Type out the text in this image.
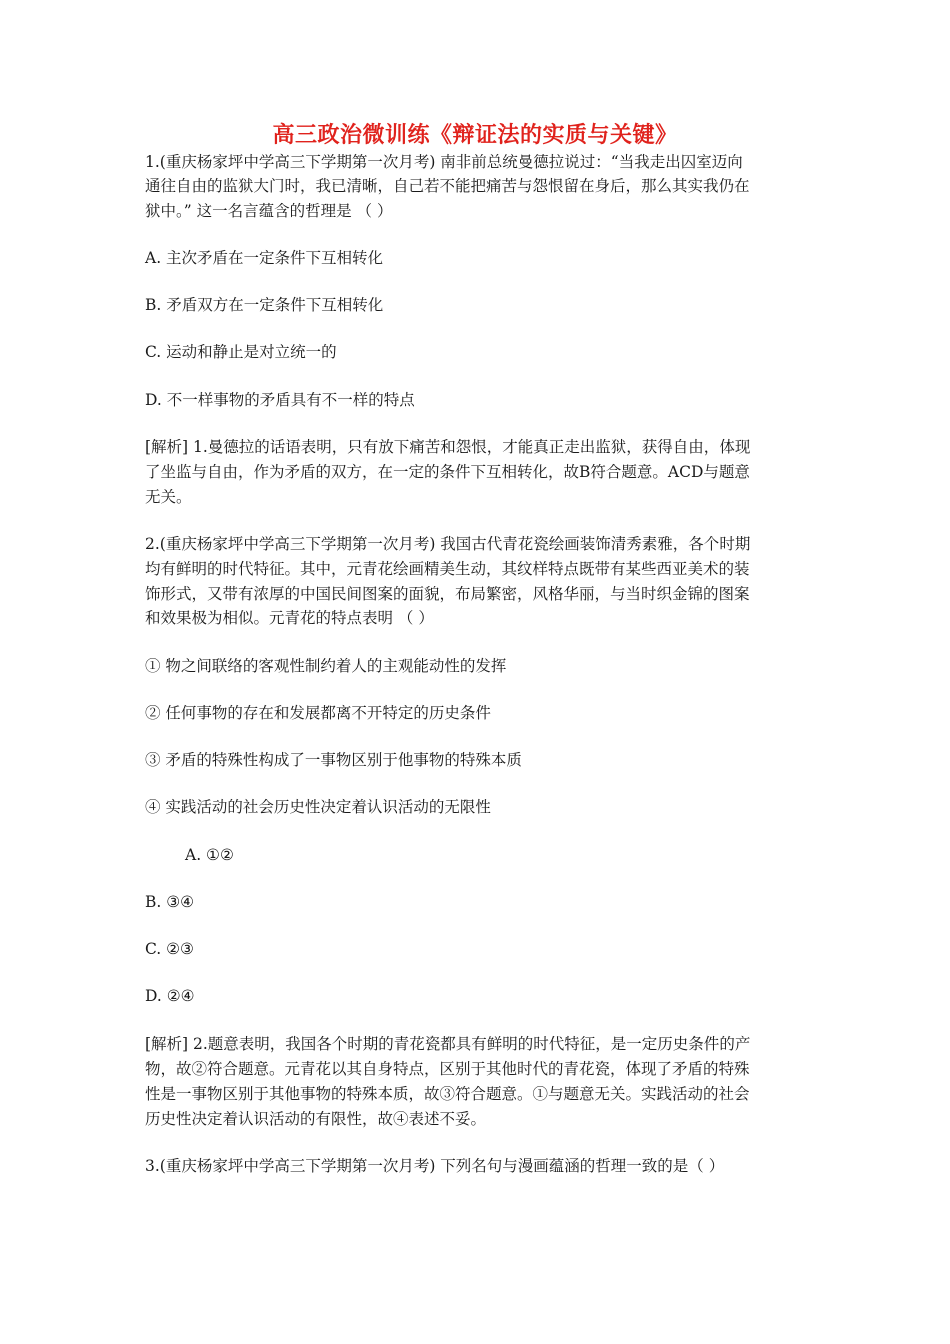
高三政治微训练《辩证法的实质与关键》
1.(重庆杨家坪中学高三下学期第一次月考) 南非前总统曼德拉说过：“当我走出囚室迈向
通往自由的监狱大门时，我已清晰，自己若不能把痛苦与怨恨留在身后，那么其实我仍在
狱中。” 这一名言蕴含的哲理是 （ ）
A. 主次矛盾在一定条件下互相转化
B. 矛盾双方在一定条件下互相转化
C. 运动和静止是对立统一的
D. 不一样事物的矛盾具有不一样的特点
[解析] 1.曼德拉的话语表明，只有放下痛苦和怨恨，才能真正走出监狱，获得自由，体现
了坐监与自由，作为矛盾的双方，在一定的条件下互相转化，故B符合题意。ACD与题意
无关。
2.(重庆杨家坪中学高三下学期第一次月考) 我国古代青花瓷绘画装饰清秀素雅，各个时期
均有鲜明的时代特征。其中，元青花绘画精美生动，其纹样特点既带有某些西亚美术的装
饰形式，又带有浓厚的中国民间图案的面貌，布局繁密，风格华丽，与当时织金锦的图案
和效果极为相似。元青花的特点表明 （ ）
① 物之间联络的客观性制约着人的主观能动性的发挥
② 任何事物的存在和发展都离不开特定的历史条件
③ 矛盾的特殊性构成了一事物区别于他事物的特殊本质
④ 实践活动的社会历史性决定着认识活动的无限性
A. ①②
B. ③④
C. ②③
D. ②④
[解析] 2.题意表明，我国各个时期的青花瓷都具有鲜明的时代特征，是一定历史条件的产
物，故②符合题意。元青花以其自身特点，区别于其他时代的青花瓷，体现了矛盾的特殊
性是一事物区别于其他事物的特殊本质，故③符合题意。①与题意无关。实践活动的社会
历史性决定着认识活动的有限性，故④表述不妥。
3.(重庆杨家坪中学高三下学期第一次月考) 下列名句与漫画蕴涵的哲理一致的是（ ）
